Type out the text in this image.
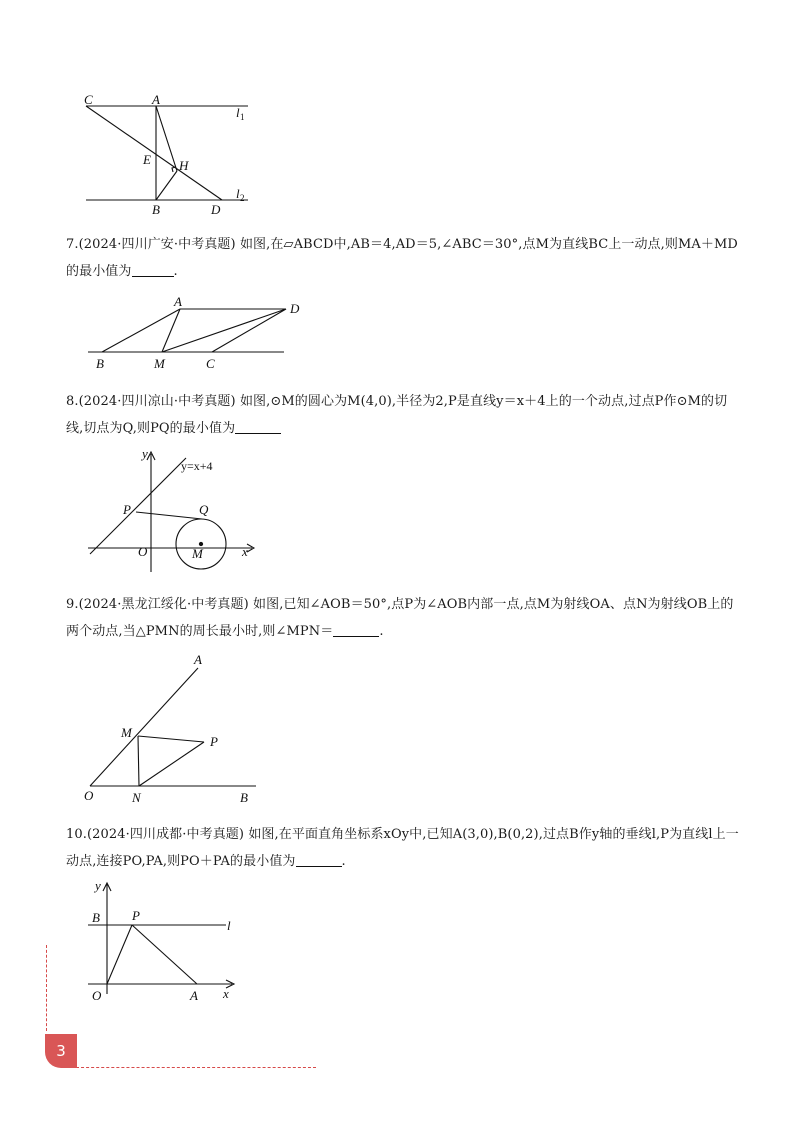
C	A
l 1
E H
B	D
l 2
7.(2024·四川广安·中考真题) 如图,在▱ABCD中,AB＝4,AD＝5,∠ABC＝30°,点M为直线BC上一动点,则MA＋MD的最小值为	.
A	D
B	M	C
8.(2024·四川凉山·中考真题) 如图,⊙M的圆心为M(4,0),半径为2,P是直线y＝x＋4上的一个动点,过点P作⊙M的切线,切点为Q,则PQ的最小值为
y
y=x+4
P	Q
O	M	x
9.(2024·黑龙江绥化·中考真题) 如图,已知∠AOB＝50°,点P为∠AOB内部一点,点M为射线OA、点N为射线OB上的两个动点,当△PMN的周长最小时,则∠MPN＝	.
A
M
P
O	N	B
10.(2024·四川成都·中考真题) 如图,在平面直角坐标系xOy中,已知A(3,0),B(0,2),过点B作y轴的垂线l,P为直线l上一动点,连接PO,PA,则PO＋PA的最小值为	.
y
B P
l
O	A x
3
